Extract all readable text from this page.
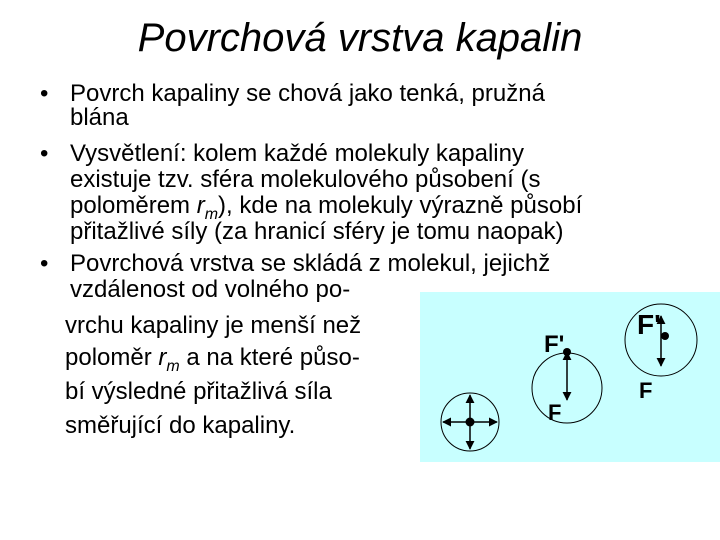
Povrchová vrstva kapalin
• Povrch kapaliny se chová jako tenká, pružná
blána
• Vysvětlení: kolem každé molekuly kapaliny
existuje tzv. sféra molekulového působení (s
poloměrem $r_m$), kde na molekuly výrazně působí
přitažlivé síly (za hranicí sféry je tomu naopak)
• Povrchová vrstva se skládá z molekul, jejichž
vzdálenost od volného po-
vrchu kapaliny je menší než
poloměr $r_m$ a na které půso-
bí výsledné přitažlivá síla
směřující do kapaliny.
F'
F
F'
F
